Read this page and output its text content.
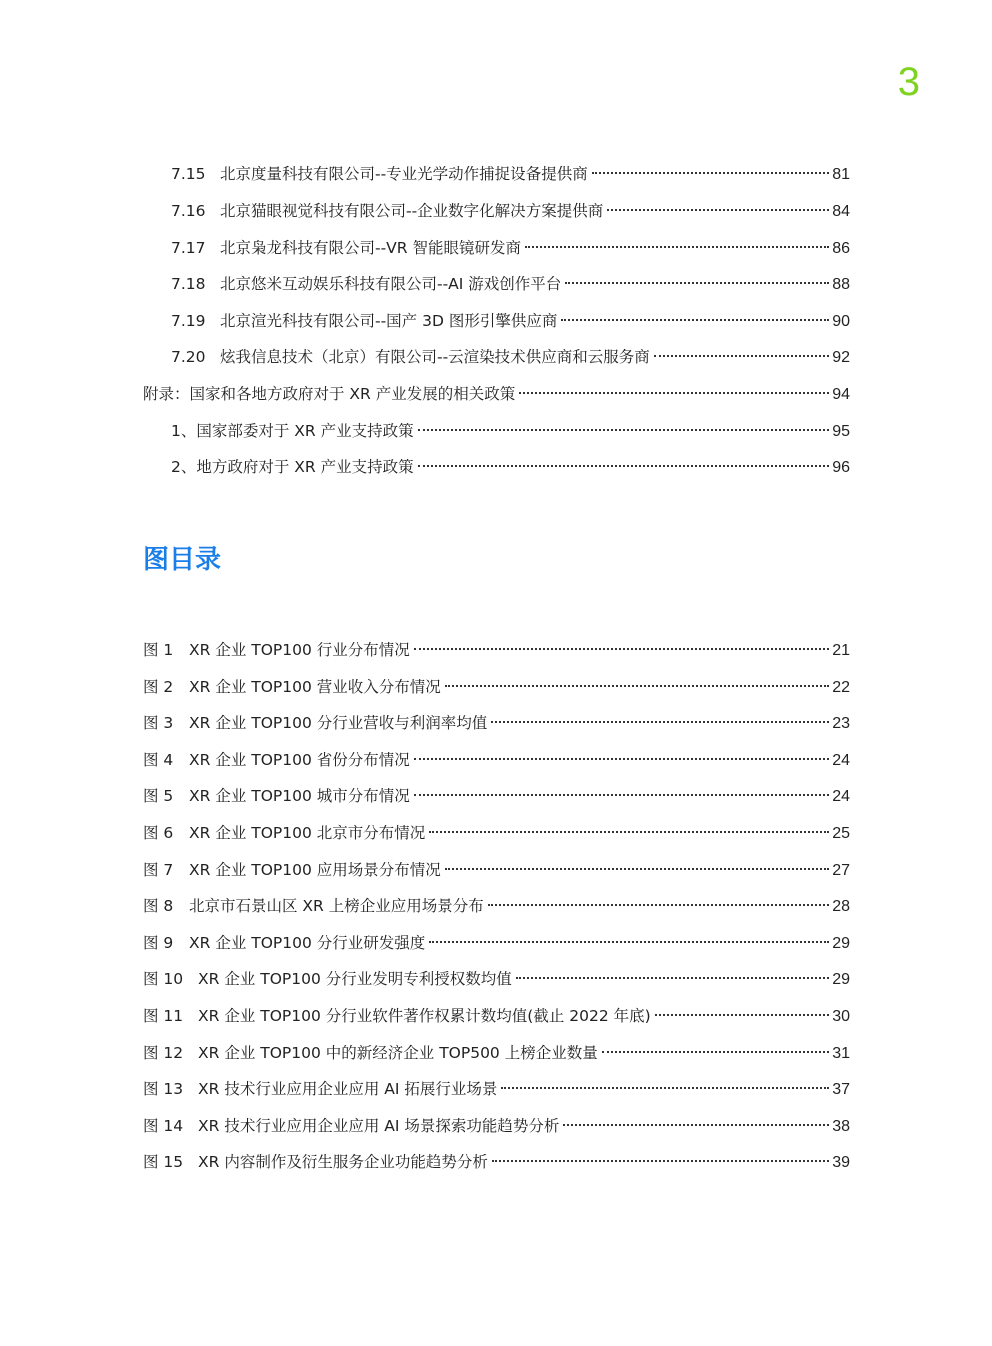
3
7.15 北京度量科技有限公司--专业光学动作捕捉设备提供商	81
7.16 北京猫眼视觉科技有限公司--企业数字化解决方案提供商	84
7.17 北京枭龙科技有限公司--VR 智能眼镜研发商	86
7.18 北京悠米互动娱乐科技有限公司--AI 游戏创作平台	88
7.19 北京渲光科技有限公司--国产 3D 图形引擎供应商	90
7.20 炫我信息技术（北京）有限公司--云渲染技术供应商和云服务商	92
附录：国家和各地方政府对于 XR 产业发展的相关政策	94
1、国家部委对于 XR 产业支持政策	95
2、地方政府对于 XR 产业支持政策	96
图目录
图 1	XR 企业 TOP100 行业分布情况	21
图 2	XR 企业 TOP100 营业收入分布情况	22
图 3	XR 企业 TOP100 分行业营收与利润率均值	23
图 4	XR 企业 TOP100 省份分布情况	24
图 5	XR 企业 TOP100 城市分布情况	24
图 6	XR 企业 TOP100 北京市分布情况	25
图 7	XR 企业 TOP100 应用场景分布情况	27
图 8	北京市石景山区 XR 上榜企业应用场景分布	28
图 9	XR 企业 TOP100 分行业研发强度	29
图 10 XR 企业 TOP100 分行业发明专利授权数均值	29
图 11 XR 企业 TOP100 分行业软件著作权累计数均值(截止 2022 年底)	30
图 12 XR 企业 TOP100 中的新经济企业 TOP500 上榜企业数量	31
图 13 XR 技术行业应用企业应用 AI 拓展行业场景	37
图 14 XR 技术行业应用企业应用 AI 场景探索功能趋势分析	38
图 15 XR 内容制作及衍生服务企业功能趋势分析	39
